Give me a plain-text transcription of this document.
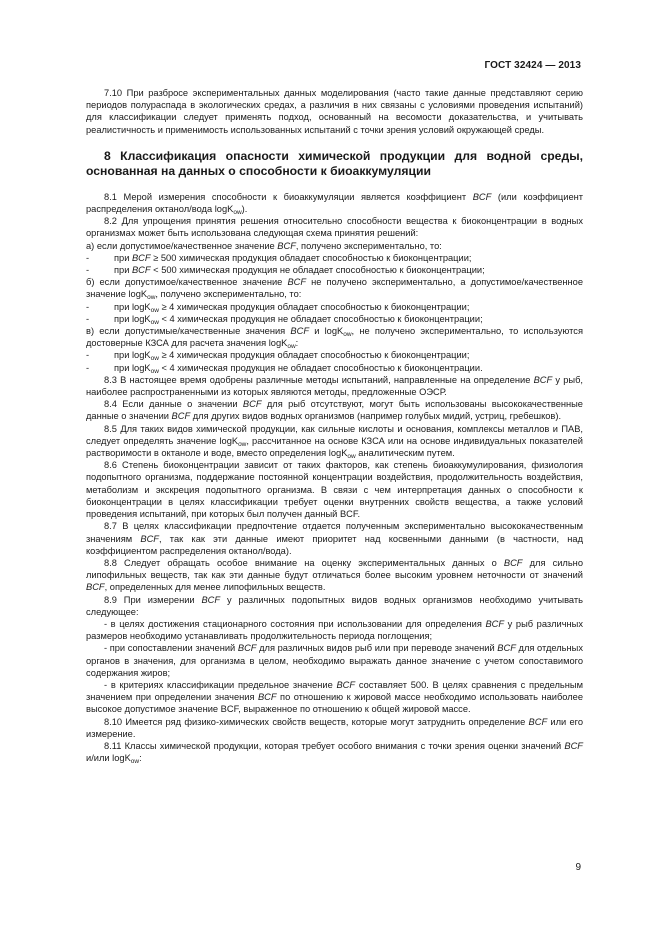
ГОСТ 32424 — 2013

7.10 При разбросе экспериментальных данных моделирования (часто такие данные представляют серию периодов полураспада в экологических средах, а различия в них связаны с условиями проведения испытаний) для классификации следует применять подход, основанный на весомости доказательства, и учитывать реалистичность и применимость использованных испытаний с точки зрения условий окружающей среды.

8 Классификация опасности химической продукции для водной среды, основанная на данных о способности к биоаккумуляции

8.1 Мерой измерения способности к биоаккумуляции является коэффициент BCF (или коэффициент распределения октанол/вода logK$_{ow}$).

8.2 Для упрощения принятия решения относительно способности вещества к биоконцентрации в водных организмах может быть использована следующая схема принятия решений:

а) если допустимое/качественное значение BCF, получено экспериментально, то:

-	при BCF ≥ 500 химическая продукция обладает способностью к биоконцентрации;

-	при BCF < 500 химическая продукция не обладает способностью к биоконцентрации;

б) если допустимое/качественное значение BCF не получено экспериментально, а допустимое/качественное значение logK$_{ow}$, получено экспериментально, то:

-	при logK$_{ow}$ ≥ 4 химическая продукция обладает способностью к биоконцентрации;

-	при logK$_{ow}$ < 4 химическая продукция не обладает способностью к биоконцентрации;

в) если допустимые/качественные значения BCF и logK$_{ow}$, не получено экспериментально, то используются достоверные КЗСА для расчета значения logK$_{ow}$:

-	при logK$_{ow}$ ≥ 4 химическая продукция обладает способностью к биоконцентрации;

-	при logK$_{ow}$ < 4 химическая продукция не обладает способностью к биоконцентрации.

8.3 В настоящее время одобрены различные методы испытаний, направленные на определение BCF у рыб, наиболее распространенными из которых являются методы, предложенные ОЭСР.

8.4 Если данные о значении BCF для рыб отсутствуют, могут быть использованы высококачественные данные о значении BCF для других видов водных организмов (например голубых мидий, устриц, гребешков).

8.5 Для таких видов химической продукции, как сильные кислоты и основания, комплексы металлов и ПАВ, следует определять значение logK$_{ow}$, рассчитанное на основе КЗСА или на основе индивидуальных показателей растворимости в октаноле и воде, вместо определения logK$_{ow}$ аналитическим путем.

8.6 Степень биоконцентрации зависит от таких факторов, как степень биоаккумулирования, физиология подопытного организма, поддержание постоянной концентрации воздействия, продолжительность воздействия, метаболизм и экскреция подопытного организма. В связи с чем интерпретация данных о способности к биоконцентрации в целях классификации требует оценки внутренних свойств вещества, а также условий проведения испытаний, при которых был получен данный BCF.

8.7 В целях классификации предпочтение отдается полученным экспериментально высококачественным значениям BCF, так как эти данные имеют приоритет над косвенными данными (в частности, над коэффициентом распределения октанол/вода).

8.8 Следует обращать особое внимание на оценку экспериментальных данных о BCF для сильно липофильных веществ, так как эти данные будут отличаться более высоким уровнем неточности от значений BCF, определенных для менее липофильных веществ.

8.9 При измерении BCF у различных подопытных видов водных организмов необходимо учитывать следующее:

- в целях достижения стационарного состояния при использовании для определения BCF у рыб различных размеров необходимо устанавливать продолжительность периода поглощения;

- при сопоставлении значений BCF для различных видов рыб или при переводе значений BCF для отдельных органов в значения, для организма в целом, необходимо выражать данное значение с учетом сопоставимого содержания жиров;

- в критериях классификации предельное значение BCF составляет 500. В целях сравнения с предельным значением при определении значения BCF по отношению к жировой массе необходимо использовать наиболее высокое допустимое значение BCF, выраженное по отношению к общей жировой массе.

8.10 Имеется ряд физико-химических свойств веществ, которые могут затруднить определение BCF или его измерение.

8.11 Классы химической продукции, которая требует особого внимания с точки зрения оценки значений BCF и/или logK$_{ow}$:

9
